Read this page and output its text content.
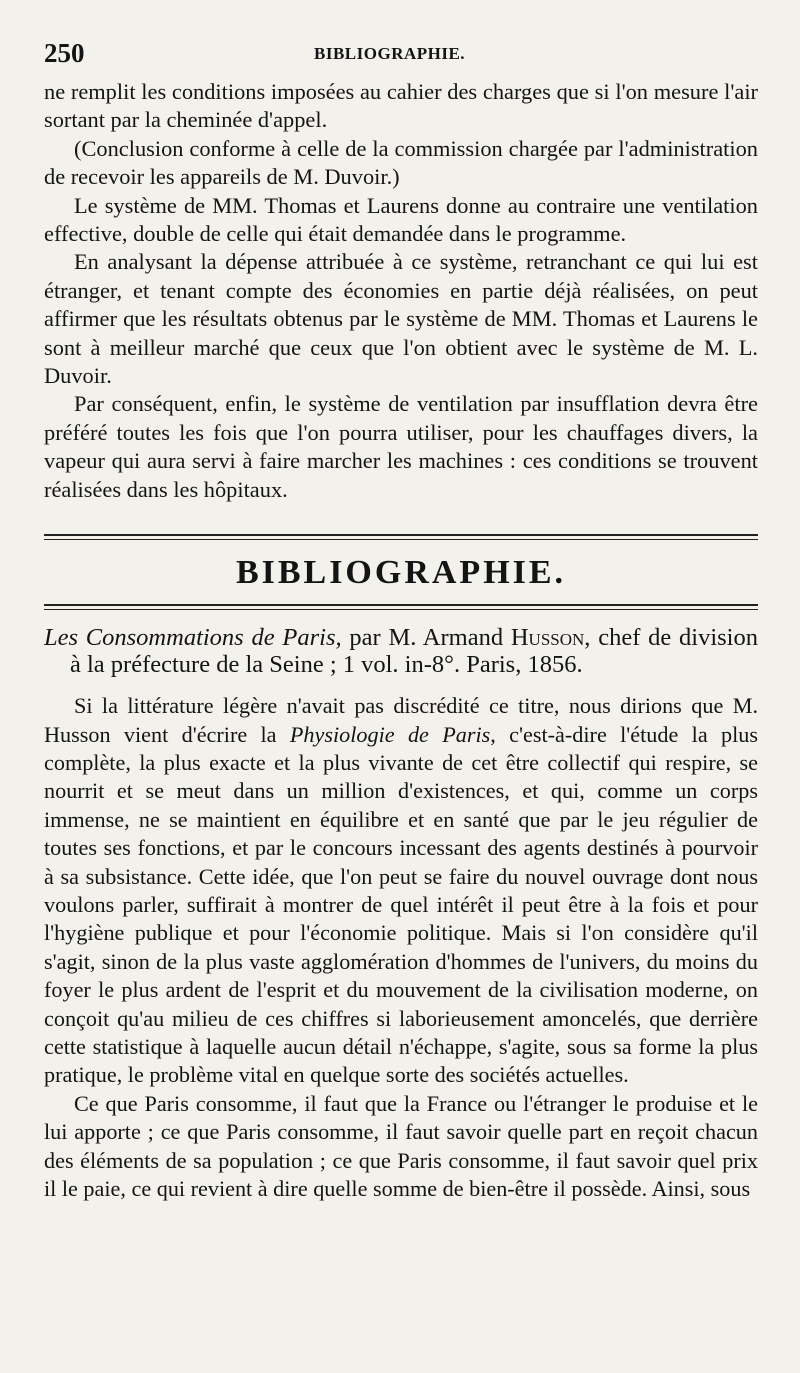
250	BIBLIOGRAPHIE.

ne remplit les conditions imposées au cahier des charges que si l'on mesure l'air sortant par la cheminée d'appel.

(Conclusion conforme à celle de la commission chargée par l'administration de recevoir les appareils de M. Duvoir.)

Le système de MM. Thomas et Laurens donne au contraire une ventilation effective, double de celle qui était demandée dans le programme.

En analysant la dépense attribuée à ce système, retranchant ce qui lui est étranger, et tenant compte des économies en partie déjà réalisées, on peut affirmer que les résultats obtenus par le système de MM. Thomas et Laurens le sont à meilleur marché que ceux que l'on obtient avec le système de M. L. Duvoir.

Par conséquent, enfin, le système de ventilation par insufflation devra être préféré toutes les fois que l'on pourra utiliser, pour les chauffages divers, la vapeur qui aura servi à faire marcher les machines : ces conditions se trouvent réalisées dans les hôpitaux.

BIBLIOGRAPHIE.

Les Consommations de Paris, par M. Armand Husson, chef de division à la préfecture de la Seine ; 1 vol. in-8°. Paris, 1856.

Si la littérature légère n'avait pas discrédité ce titre, nous dirions que M. Husson vient d'écrire la Physiologie de Paris, c'est-à-dire l'étude la plus complète, la plus exacte et la plus vivante de cet être collectif qui respire, se nourrit et se meut dans un million d'existences, et qui, comme un corps immense, ne se maintient en équilibre et en santé que par le jeu régulier de toutes ses fonctions, et par le concours incessant des agents destinés à pourvoir à sa subsistance. Cette idée, que l'on peut se faire du nouvel ouvrage dont nous voulons parler, suffirait à montrer de quel intérêt il peut être à la fois et pour l'hygiène publique et pour l'économie politique. Mais si l'on considère qu'il s'agit, sinon de la plus vaste agglomération d'hommes de l'univers, du moins du foyer le plus ardent de l'esprit et du mouvement de la civilisation moderne, on conçoit qu'au milieu de ces chiffres si laborieusement amoncelés, que derrière cette statistique à laquelle aucun détail n'échappe, s'agite, sous sa forme la plus pratique, le problème vital en quelque sorte des sociétés actuelles.

Ce que Paris consomme, il faut que la France ou l'étranger le produise et le lui apporte ; ce que Paris consomme, il faut savoir quelle part en reçoit chacun des éléments de sa population ; ce que Paris consomme, il faut savoir quel prix il le paie, ce qui revient à dire quelle somme de bien-être il possède. Ainsi, sous
